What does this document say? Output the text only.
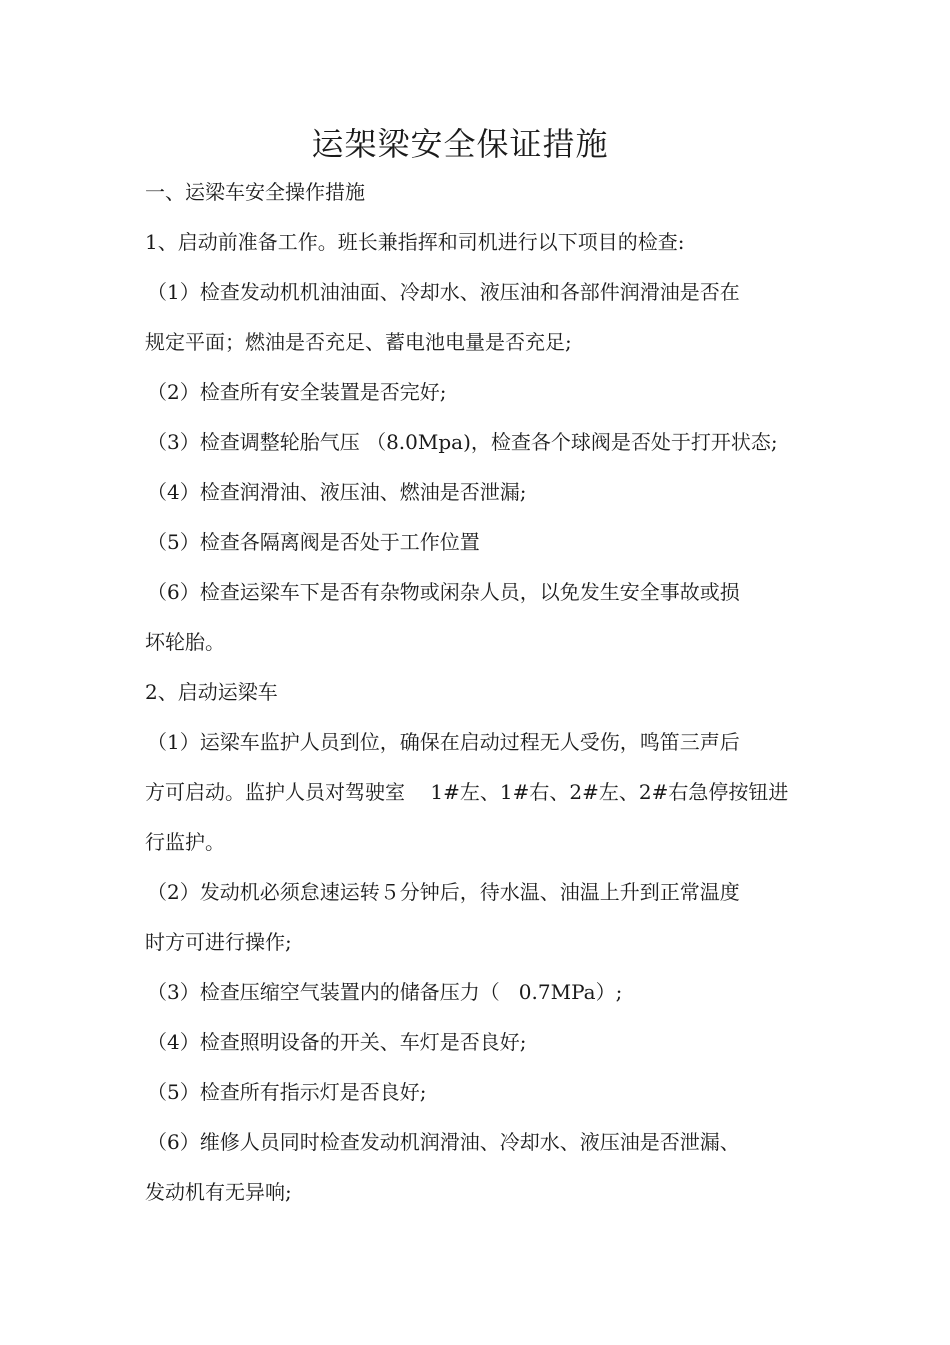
运架梁安全保证措施
一、运梁车安全操作措施
1、启动前准备工作。班长兼指挥和司机进行以下项目的检查:
（1）检查发动机机油油面、冷却水、液压油和各部件润滑油是否在
规定平面；燃油是否充足、蓄电池电量是否充足;
（2）检查所有安全装置是否完好;
（3）检查调整轮胎气压 （8.0Mpa)，检查各个球阀是否处于打开状态;
（4）检查润滑油、液压油、燃油是否泄漏;
（5）检查各隔离阀是否处于工作位置
（6）检查运梁车下是否有杂物或闲杂人员，以免发生安全事故或损
坏轮胎。
2、启动运梁车
（1）运梁车监护人员到位，确保在启动过程无人受伤，鸣笛三声后
方可启动。监护人员对驾驶室    1#左、1#右、2#左、2#右急停按钮进
行监护。
（2）发动机必须怠速运转５分钟后，待水温、油温上升到正常温度
时方可进行操作;
（3）检查压缩空气装置内的储备压力（   0.7MPa）;
（4）检查照明设备的开关、车灯是否良好;
（5）检查所有指示灯是否良好;
（6）维修人员同时检查发动机润滑油、冷却水、液压油是否泄漏、
发动机有无异响;
